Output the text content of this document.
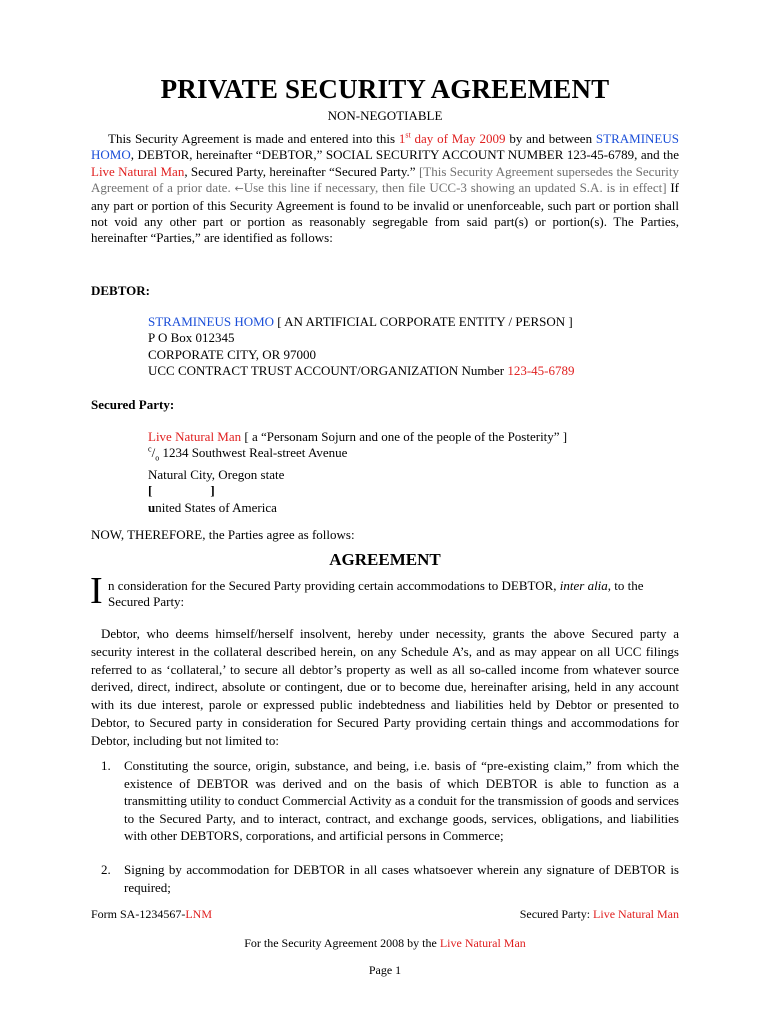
PRIVATE SECURITY AGREEMENT
NON-NEGOTIABLE
This Security Agreement is made and entered into this 1st day of May 2009 by and between STRAMINEUS HOMO, DEBTOR, hereinafter “DEBTOR,” SOCIAL SECURITY ACCOUNT NUMBER 123-45-6789, and the Live Natural Man, Secured Party, hereinafter “Secured Party.” [This Security Agreement supersedes the Security Agreement of a prior date. ←Use this line if necessary, then file UCC-3 showing an updated S.A. is in effect] If any part or portion of this Security Agreement is found to be invalid or unenforceable, such part or portion shall not void any other part or portion as reasonably segregable from said part(s) or portion(s). The Parties, hereinafter “Parties,” are identified as follows:
DEBTOR:
STRAMINEUS HOMO [ AN ARTIFICIAL CORPORATE ENTITY / PERSON ]
P O Box 012345
CORPORATE CITY, OR 97000
UCC CONTRACT TRUST ACCOUNT/ORGANIZATION Number 123-45-6789
Secured Party:
Live Natural Man [ a “Personam Sojurn and one of the people of the Posterity” ]
$^c/_o$ 1234 Southwest Real-street Avenue
Natural City, Oregon state
[	]
united States of America
NOW, THEREFORE, the Parties agree as follows:
AGREEMENT
I n consideration for the Secured Party providing certain accommodations to DEBTOR, inter alia, to the Secured Party:
Debtor, who deems himself/herself insolvent, hereby under necessity, grants the above Secured party a security interest in the collateral described herein, on any Schedule A’s, and as may appear on all UCC filings referred to as ‘collateral,’ to secure all debtor’s property as well as all so-called income from whatever source derived, direct, indirect, absolute or contingent, due or to become due, hereinafter arising, held in any account with its due interest, parole or expressed public indebtedness and liabilities held by Debtor or presented to Debtor, to Secured party in consideration for Secured Party providing certain things and accommodations for Debtor, including but not limited to:
1. Constituting the source, origin, substance, and being, i.e. basis of “pre-existing claim,” from which the existence of DEBTOR was derived and on the basis of which DEBTOR is able to function as a transmitting utility to conduct Commercial Activity as a conduit for the transmission of goods and services to the Secured Party, and to interact, contract, and exchange goods, services, obligations, and liabilities with other DEBTORS, corporations, and artificial persons in Commerce;
2. Signing by accommodation for DEBTOR in all cases whatsoever wherein any signature of DEBTOR is required;
Form SA-1234567-LNM	Secured Party: Live Natural Man
For the Security Agreement 2008 by the Live Natural Man
Page 1
